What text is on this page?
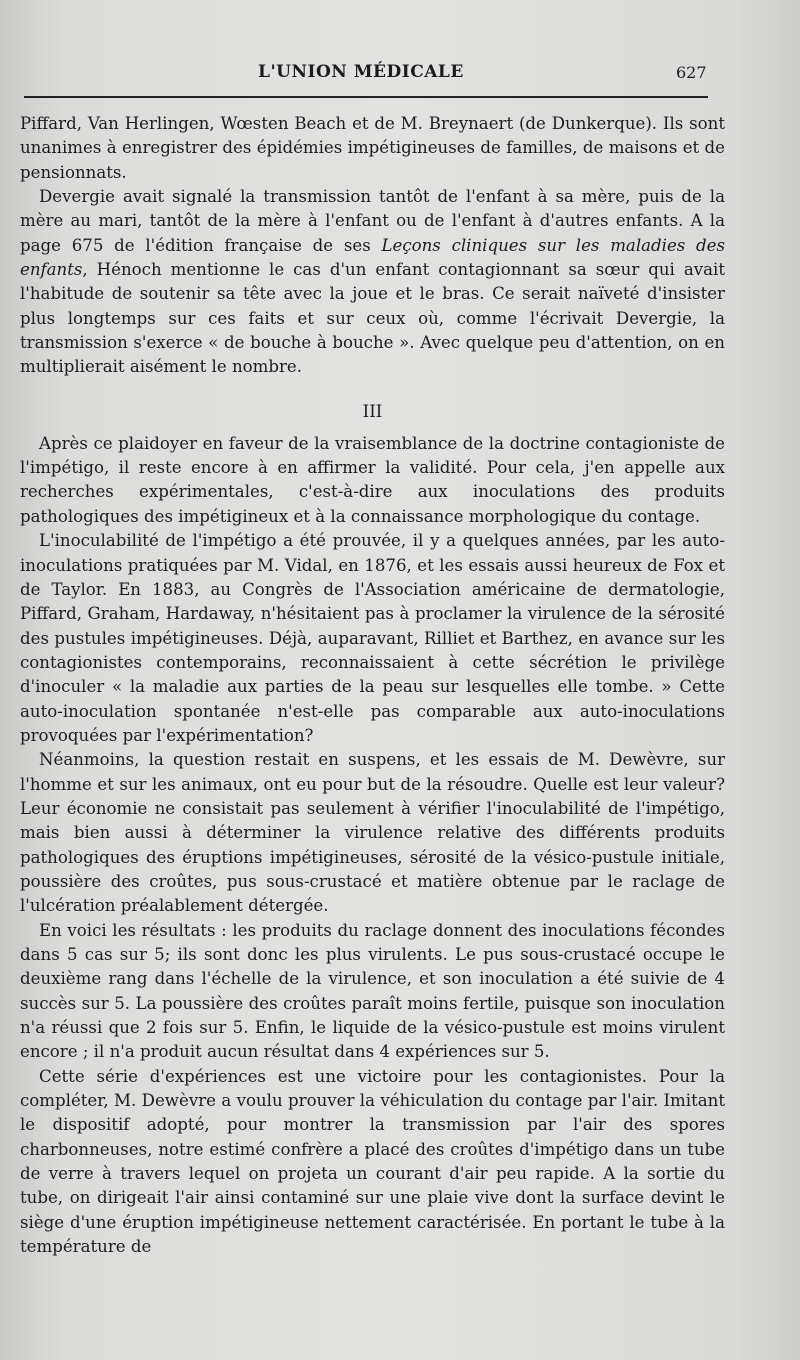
L'UNION MÉDICALE	627

Piffard, Van Herlingen, Wœsten Beach et de M. Breynaert (de Dunkerque). Ils sont unanimes à enregistrer des épidémies impétigineuses de familles, de maisons et de pensionnats.

Devergie avait signalé la transmission tantôt de l'enfant à sa mère, puis de la mère au mari, tantôt de la mère à l'enfant ou de l'enfant à d'autres enfants. A la page 675 de l'édition française de ses Leçons cliniques sur les maladies des enfants, Hénoch mentionne le cas d'un enfant contagionnant sa sœur qui avait l'habitude de soutenir sa tête avec la joue et le bras. Ce serait naïveté d'insister plus longtemps sur ces faits et sur ceux où, comme l'écrivait Devergie, la transmission s'exerce « de bouche à bouche ». Avec quelque peu d'attention, on en multiplierait aisément le nombre.

III

Après ce plaidoyer en faveur de la vraisemblance de la doctrine contagioniste de l'impétigo, il reste encore à en affirmer la validité. Pour cela, j'en appelle aux recherches expérimentales, c'est-à-dire aux inoculations des produits pathologiques des impétigineux et à la connaissance morphologique du contage.

L'inoculabilité de l'impétigo a été prouvée, il y a quelques années, par les auto-inoculations pratiquées par M. Vidal, en 1876, et les essais aussi heureux de Fox et de Taylor. En 1883, au Congrès de l'Association américaine de dermatologie, Piffard, Graham, Hardaway, n'hésitaient pas à proclamer la virulence de la sérosité des pustules impétigineuses. Déjà, auparavant, Rilliet et Barthez, en avance sur les contagionistes contemporains, reconnaissaient à cette sécrétion le privilège d'inoculer « la maladie aux parties de la peau sur lesquelles elle tombe. » Cette auto-inoculation spontanée n'est-elle pas comparable aux auto-inoculations provoquées par l'expérimentation?

Néanmoins, la question restait en suspens, et les essais de M. Dewèvre, sur l'homme et sur les animaux, ont eu pour but de la résoudre. Quelle est leur valeur? Leur économie ne consistait pas seulement à vérifier l'inoculabilité de l'impétigo, mais bien aussi à déterminer la virulence relative des différents produits pathologiques des éruptions impétigineuses, sérosité de la vésico-pustule initiale, poussière des croûtes, pus sous-crustacé et matière obtenue par le raclage de l'ulcération préalablement détergée.

En voici les résultats : les produits du raclage donnent des inoculations fécondes dans 5 cas sur 5; ils sont donc les plus virulents. Le pus sous-crustacé occupe le deuxième rang dans l'échelle de la virulence, et son inoculation a été suivie de 4 succès sur 5. La poussière des croûtes paraît moins fertile, puisque son inoculation n'a réussi que 2 fois sur 5. Enfin, le liquide de la vésico-pustule est moins virulent encore ; il n'a produit aucun résultat dans 4 expériences sur 5.

Cette série d'expériences est une victoire pour les contagionistes. Pour la compléter, M. Dewèvre a voulu prouver la véhiculation du contage par l'air. Imitant le dispositif adopté, pour montrer la transmission par l'air des spores charbonneuses, notre estimé confrère a placé des croûtes d'impétigo dans un tube de verre à travers lequel on projeta un courant d'air peu rapide. A la sortie du tube, on dirigeait l'air ainsi contaminé sur une plaie vive dont la surface devint le siège d'une éruption impétigineuse nettement caractérisée. En portant le tube à la température de
